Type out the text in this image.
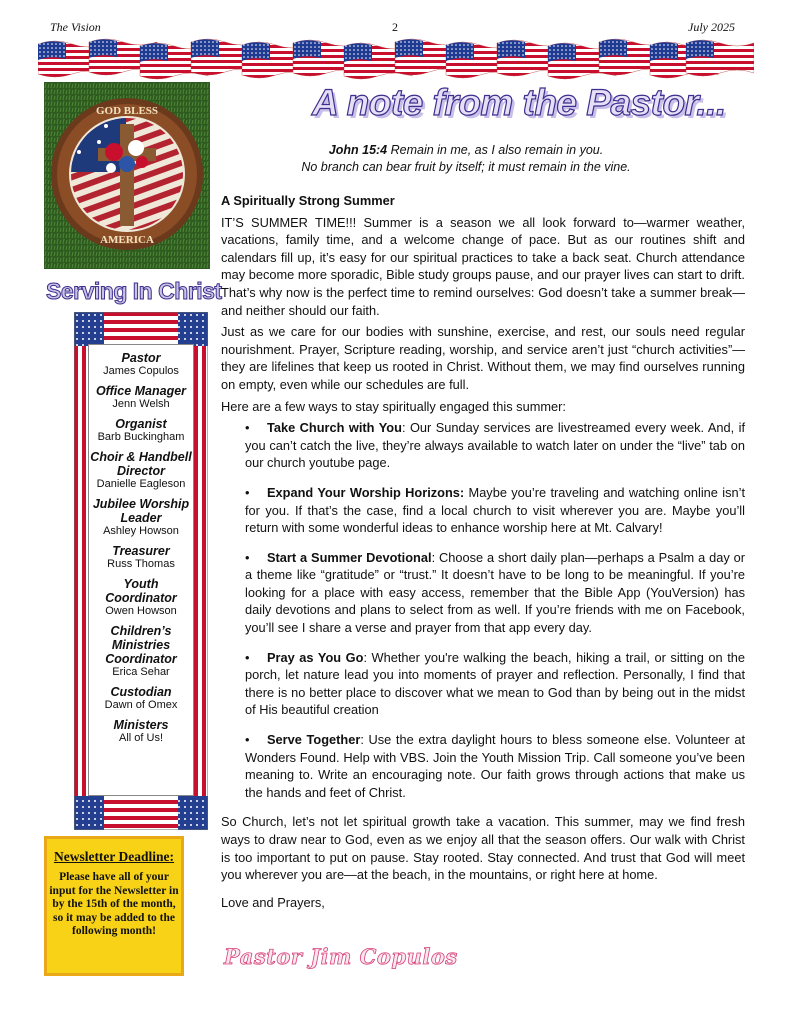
The Vision	2	July 2025
GOD BLESS
AMERICA
Serving In Christ
Pastor
James Copulos
Office Manager
Jenn Welsh
Organist
Barb Buckingham
Choir & Handbell Director
Danielle Eagleson
Jubilee Worship Leader
Ashley Howson
Treasurer
Russ Thomas
Youth Coordinator
Owen Howson
Children’s Ministries Coordinator
Erica Sehar
Custodian
Dawn of Omex
Ministers
All of Us!
Newsletter Deadline:
Please have all of your input for the Newsletter in by the 15th of the month, so it may be added to the following month!
A note from the Pastor...
John 15:4 Remain in me, as I also remain in you.
No branch can bear fruit by itself; it must remain in the vine.

A Spiritually Strong Summer

IT’S SUMMER TIME!!! Summer is a season we all look forward to—warmer weather, vacations, family time, and a welcome change of pace. But as our routines shift and calendars fill up, it’s easy for our spiritual practices to take a back seat. Church attendance may become more sporadic, Bible study groups pause, and our prayer lives can start to drift. That’s why now is the perfect time to remind ourselves: God doesn’t take a summer break—and neither should our faith.

Just as we care for our bodies with sunshine, exercise, and rest, our souls need regular nourishment. Prayer, Scripture reading, worship, and service aren’t just “church activities”—they are lifelines that keep us rooted in Christ. Without them, we may find ourselves running on empty, even while our schedules are full.

Here are a few ways to stay spiritually engaged this summer:

• Take Church with You: Our Sunday services are livestreamed every week. And, if you can’t catch the live, they’re always available to watch later on under the “live” tab on our church youtube page.
• Expand Your Worship Horizons: Maybe you’re traveling and watching online isn’t for you. If that’s the case, find a local church to visit wherever you are. Maybe you’ll return with some wonderful ideas to enhance worship here at Mt. Calvary!
• Start a Summer Devotional: Choose a short daily plan—perhaps a Psalm a day or a theme like “gratitude” or “trust.” It doesn’t have to be long to be meaningful. If you’re looking for a place with easy access, remember that the Bible App (YouVersion) has daily devotions and plans to select from as well. If you’re friends with me on Facebook, you’ll see I share a verse and prayer from that app every day.
• Pray as You Go: Whether you're walking the beach, hiking a trail, or sitting on the porch, let nature lead you into moments of prayer and reflection. Personally, I find that there is no better place to discover what we mean to God than by being out in the midst of His beautiful creation
• Serve Together: Use the extra daylight hours to bless someone else. Volunteer at Wonders Found. Help with VBS. Join the Youth Mission Trip. Call someone you’ve been meaning to. Write an encouraging note. Our faith grows through actions that make us the hands and feet of Christ.

So Church, let’s not let spiritual growth take a vacation. This summer, may we find fresh ways to draw near to God, even as we enjoy all that the season offers. Our walk with Christ is too important to put on pause. Stay rooted. Stay connected. And trust that God will meet you wherever you are—at the beach, in the mountains, or right here at home.

Love and Prayers,

Pastor Jim Copulos
